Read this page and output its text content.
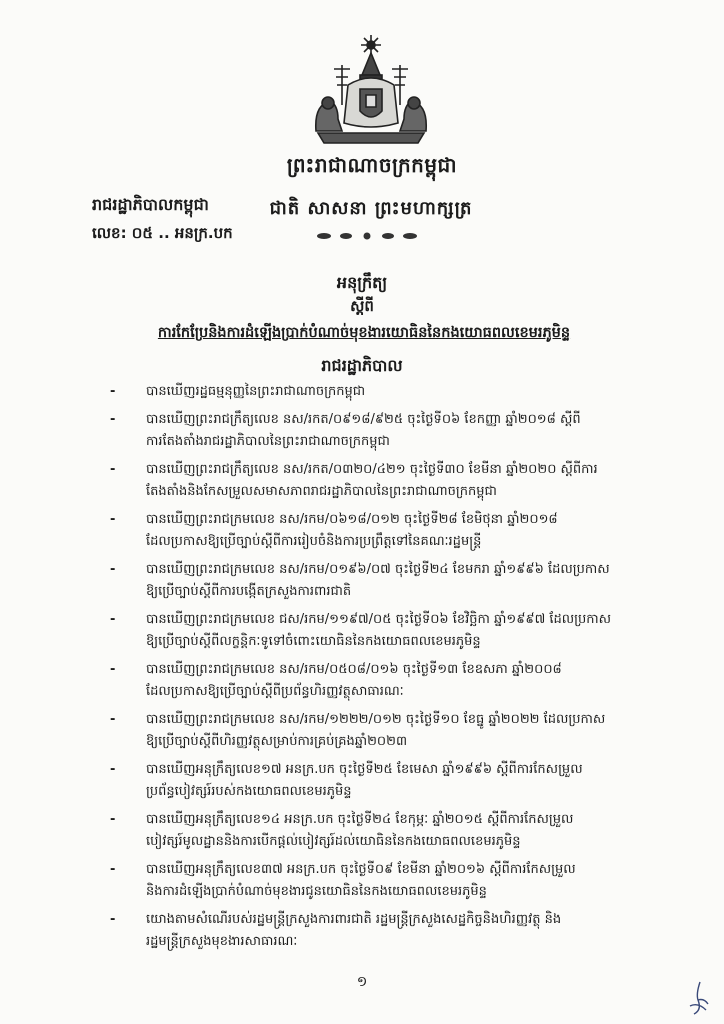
ព្រះរាជាណាចក្រកម្ពុជា
ជាតិ សាសនា ព្រះមហាក្សត្រ
រាជរដ្ឋាភិបាលកម្ពុជា
លេខ: ០៥ .. អនក្រ.បក
អនុក្រឹត្យ
ស្តីពី
ការកែប្រែនិងការដំឡើងប្រាក់បំណាច់មុខងារយោធិននៃកងយោធពលខេមរភូមិន្ទ
រាជរដ្ឋាភិបាល
- បានឃើញរដ្ឋធម្មនុញ្ញនៃព្រះរាជាណាចក្រកម្ពុជា
- បានឃើញព្រះរាជក្រឹត្យលេខ នស/រកត/០៩១៨/៩២៥ ចុះថ្ងៃទី០៦ ខែកញ្ញា ឆ្នាំ២០១៨ ស្តីពី
ការតែងតាំងរាជរដ្ឋាភិបាលនៃព្រះរាជាណាចក្រកម្ពុជា
- បានឃើញព្រះរាជក្រឹត្យលេខ នស/រកត/០៣២០/៤២១ ចុះថ្ងៃទី៣០ ខែមីនា ឆ្នាំ២០២០ ស្តីពីការ
តែងតាំងនិងកែសម្រួលសមាសភាពរាជរដ្ឋាភិបាលនៃព្រះរាជាណាចក្រកម្ពុជា
- បានឃើញព្រះរាជក្រមលេខ នស/រកម/០៦១៨/០១២ ចុះថ្ងៃទី២៨ ខែមិថុនា ឆ្នាំ២០១៨
ដែលប្រកាសឱ្យប្រើច្បាប់ស្តីពីការរៀបចំនិងការប្រព្រឹត្តទៅនៃគណៈរដ្ឋមន្ត្រី
- បានឃើញព្រះរាជក្រមលេខ នស/រកម/០១៩៦/០៧ ចុះថ្ងៃទី២៤ ខែមករា ឆ្នាំ១៩៩៦ ដែលប្រកាស
ឱ្យប្រើច្បាប់ស្តីពីការបង្កើតក្រសួងការពារជាតិ
- បានឃើញព្រះរាជក្រមលេខ ជស/រកម/១១៩៧/០៥ ចុះថ្ងៃទី០៦ ខែវិច្ឆិកា ឆ្នាំ១៩៩៧ ដែលប្រកាស
ឱ្យប្រើច្បាប់ស្តីពីលក្ខន្តិកៈទូទៅចំពោះយោធិននៃកងយោធពលខេមរភូមិន្ទ
- បានឃើញព្រះរាជក្រមលេខ នស/រកម/០៥០៨/០១៦ ចុះថ្ងៃទី១៣ ខែឧសភា ឆ្នាំ២០០៨
ដែលប្រកាសឱ្យប្រើច្បាប់ស្តីពីប្រព័ន្ធហិរញ្ញវត្ថុសាធារណៈ
- បានឃើញព្រះរាជក្រមលេខ នស/រកម/១២២២/០១២ ចុះថ្ងៃទី១០ ខែធ្នូ ឆ្នាំ២០២២ ដែលប្រកាស
ឱ្យប្រើច្បាប់ស្តីពីហិរញ្ញវត្ថុសម្រាប់ការគ្រប់គ្រងឆ្នាំ២០២៣
- បានឃើញអនុក្រឹត្យលេខ១៧ អនក្រ.បក ចុះថ្ងៃទី២៥ ខែមេសា ឆ្នាំ១៩៩៦ ស្តីពីការកែសម្រួល
ប្រព័ន្ធបៀវត្សរ៍របស់កងយោធពលខេមរភូមិន្ទ
- បានឃើញអនុក្រឹត្យលេខ១៤ អនក្រ.បក ចុះថ្ងៃទី២៤ ខែកុម្ភៈ ឆ្នាំ២០១៥ ស្តីពីការកែសម្រួល
បៀវត្សរ៍មូលដ្ឋាននិងការបើកផ្តល់បៀវត្សរ៍ដល់យោធិននៃកងយោធពលខេមរភូមិន្ទ
- បានឃើញអនុក្រឹត្យលេខ៣៧ អនក្រ.បក ចុះថ្ងៃទី០៩ ខែមីនា ឆ្នាំ២០១៦ ស្តីពីការកែសម្រួល
និងការដំឡើងប្រាក់បំណាច់មុខងារជូនយោធិននៃកងយោធពលខេមរភូមិន្ទ
- យោងតាមសំណើរបស់រដ្ឋមន្ត្រីក្រសួងការពារជាតិ រដ្ឋមន្ត្រីក្រសួងសេដ្ឋកិច្ចនិងហិរញ្ញវត្ថុ និង
រដ្ឋមន្ត្រីក្រសួងមុខងារសាធារណៈ
១
